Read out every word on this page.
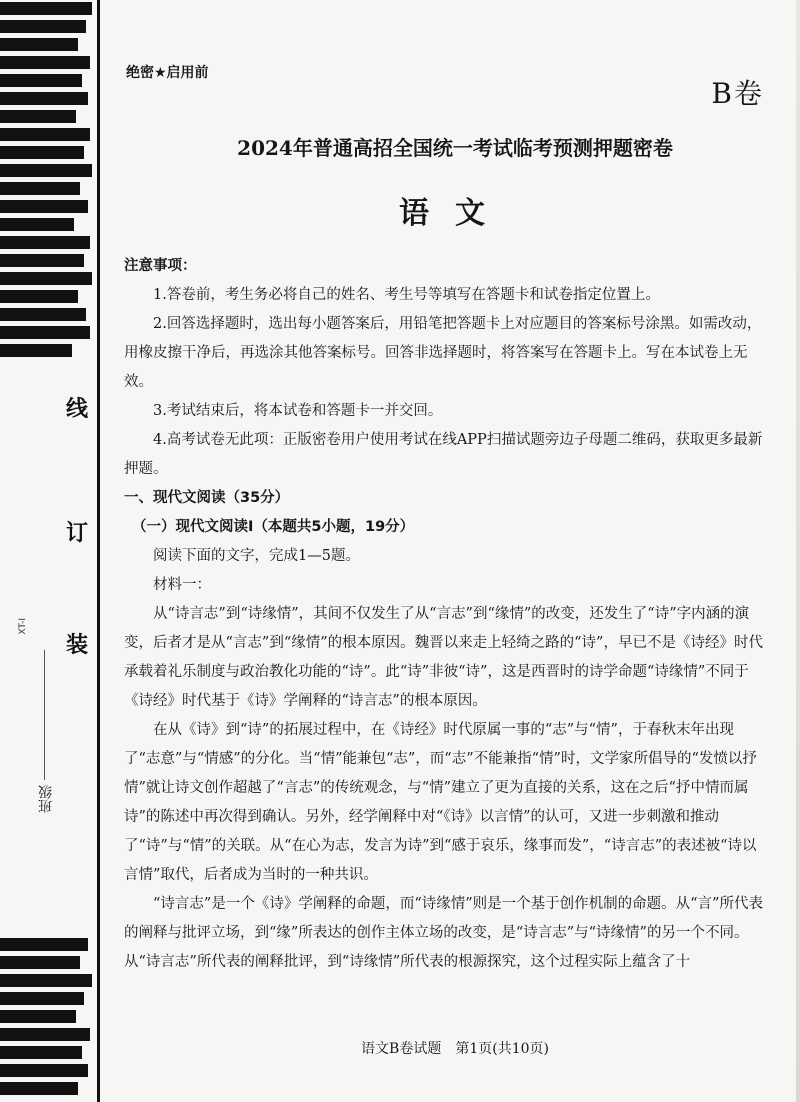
线
订
装
XT-I
班级
绝密★启用前
B卷
2024年普通高招全国统一考试临考预测押题密卷
语文

注意事项：

1.答卷前，考生务必将自己的姓名、考生号等填写在答题卡和试卷指定位置上。

2.回答选择题时，选出每小题答案后，用铅笔把答题卡上对应题目的答案标号涂黑。如需改动，用橡皮擦干净后，再选涂其他答案标号。回答非选择题时，将答案写在答题卡上。写在本试卷上无效。

3.考试结束后，将本试卷和答题卡一并交回。

4.高考试卷无此项：正版密卷用户使用考试在线APP扫描试题旁边子母题二维码，获取更多最新押题。

一、现代文阅读（35分）

（一）现代文阅读Ⅰ（本题共5小题，19分）

阅读下面的文字，完成1—5题。

材料一：

从“诗言志”到“诗缘情”，其间不仅发生了从“言志”到“缘情”的改变，还发生了“诗”字内涵的演变，后者才是从“言志”到“缘情”的根本原因。魏晋以来走上轻绮之路的“诗”，早已不是《诗经》时代承载着礼乐制度与政治教化功能的“诗”。此“诗”非彼“诗”，这是西晋时的诗学命题“诗缘情”不同于《诗经》时代基于《诗》学阐释的“诗言志”的根本原因。

在从《诗》到“诗”的拓展过程中，在《诗经》时代原属一事的“志”与“情”，于春秋末年出现了“志意”与“情感”的分化。当“情”能兼包“志”，而“志”不能兼指“情”时，文学家所倡导的“发愤以抒情”就让诗文创作超越了“言志”的传统观念，与“情”建立了更为直接的关系，这在之后“抒中情而属诗”的陈述中再次得到确认。另外，经学阐释中对“《诗》以言情”的认可，又进一步刺激和推动了“诗”与“情”的关联。从“在心为志，发言为诗”到“感于哀乐，缘事而发”，“诗言志”的表述被“诗以言情”取代，后者成为当时的一种共识。

“诗言志”是一个《诗》学阐释的命题，而“诗缘情”则是一个基于创作机制的命题。从“言”所代表的阐释与批评立场，到“缘”所表达的创作主体立场的改变，是“诗言志”与“诗缘情”的另一个不同。从“诗言志”所代表的阐释批评，到“诗缘情”所代表的根源探究，这个过程实际上蕴含了十

语文B卷试题　第1页(共10页)
